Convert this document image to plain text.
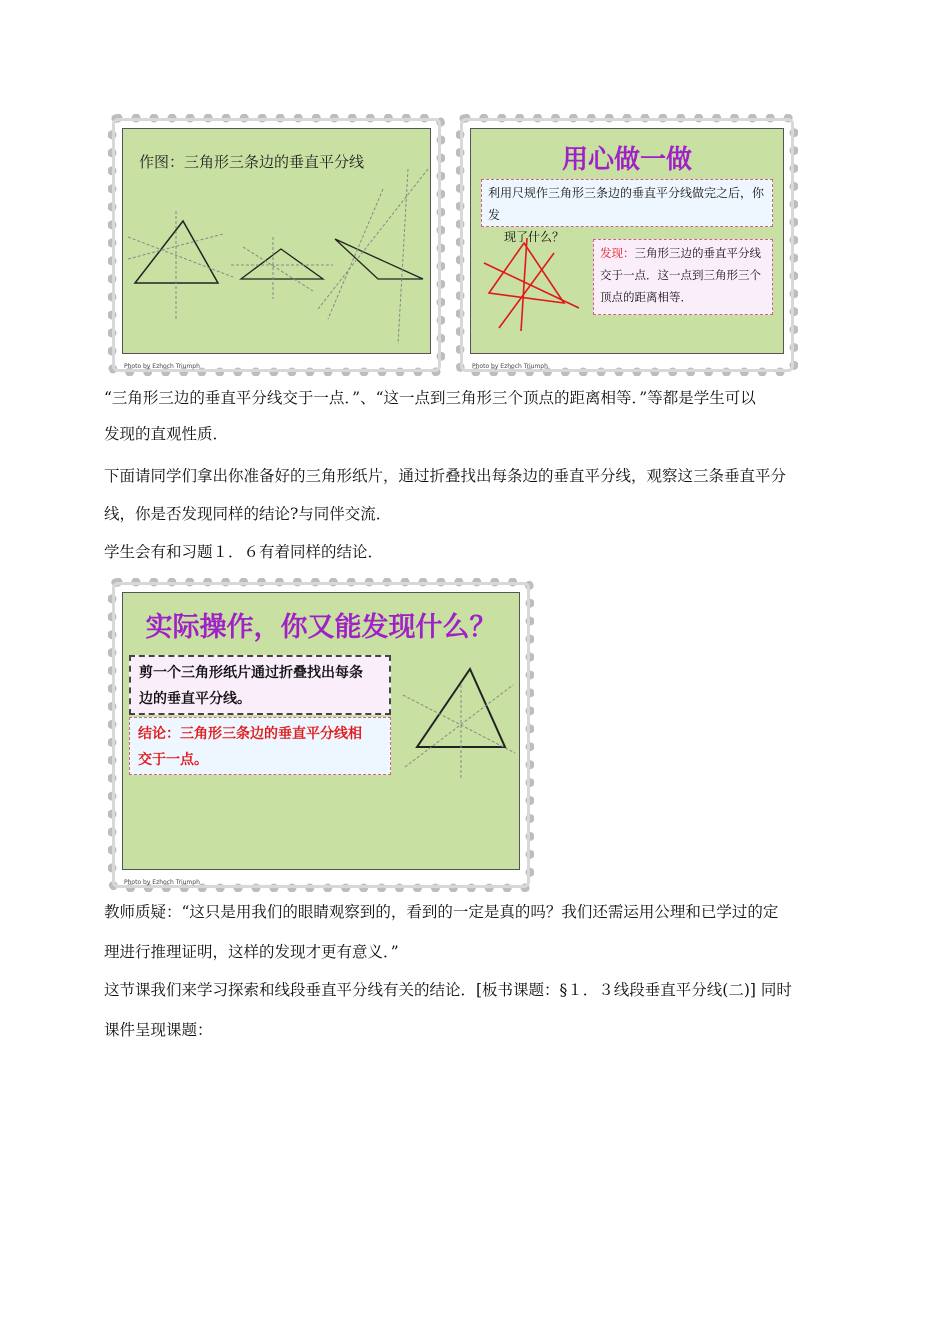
作图：三角形三条边的垂直平分线
Photo by Ezhoch Triumph
用心做一做
利用尺规作三角形三条边的垂直平分线做完之后，你发
现了什么？
发现：三角形三边的垂直平分线
交于一点．这一点到三角形三个
顶点的距离相等．
Photo by Ezhoch Triumph
“三角形三边的垂直平分线交于一点．”、“这一点到三角形三个顶点的距离相等．”等都是学生可以
发现的直观性质．
下面请同学们拿出你准备好的三角形纸片，通过折叠找出每条边的垂直平分线，观察这三条垂直平分
线，你是否发现同样的结论?与同伴交流．
学生会有和习题１．６有着同样的结论．
实际操作，你又能发现什么？
剪一个三角形纸片通过折叠找出每条
边的垂直平分线。
结论：三角形三条边的垂直平分线相
交于一点。
Photo by Ezhoch Triumph
教师质疑：“这只是用我们的眼睛观察到的，看到的一定是真的吗？我们还需运用公理和已学过的定
理进行推理证明，这样的发现才更有意义．”
这节课我们来学习探索和线段垂直平分线有关的结论．[板书课题：§１．３线段垂直平分线(二)] 同时
课件呈现课题：
